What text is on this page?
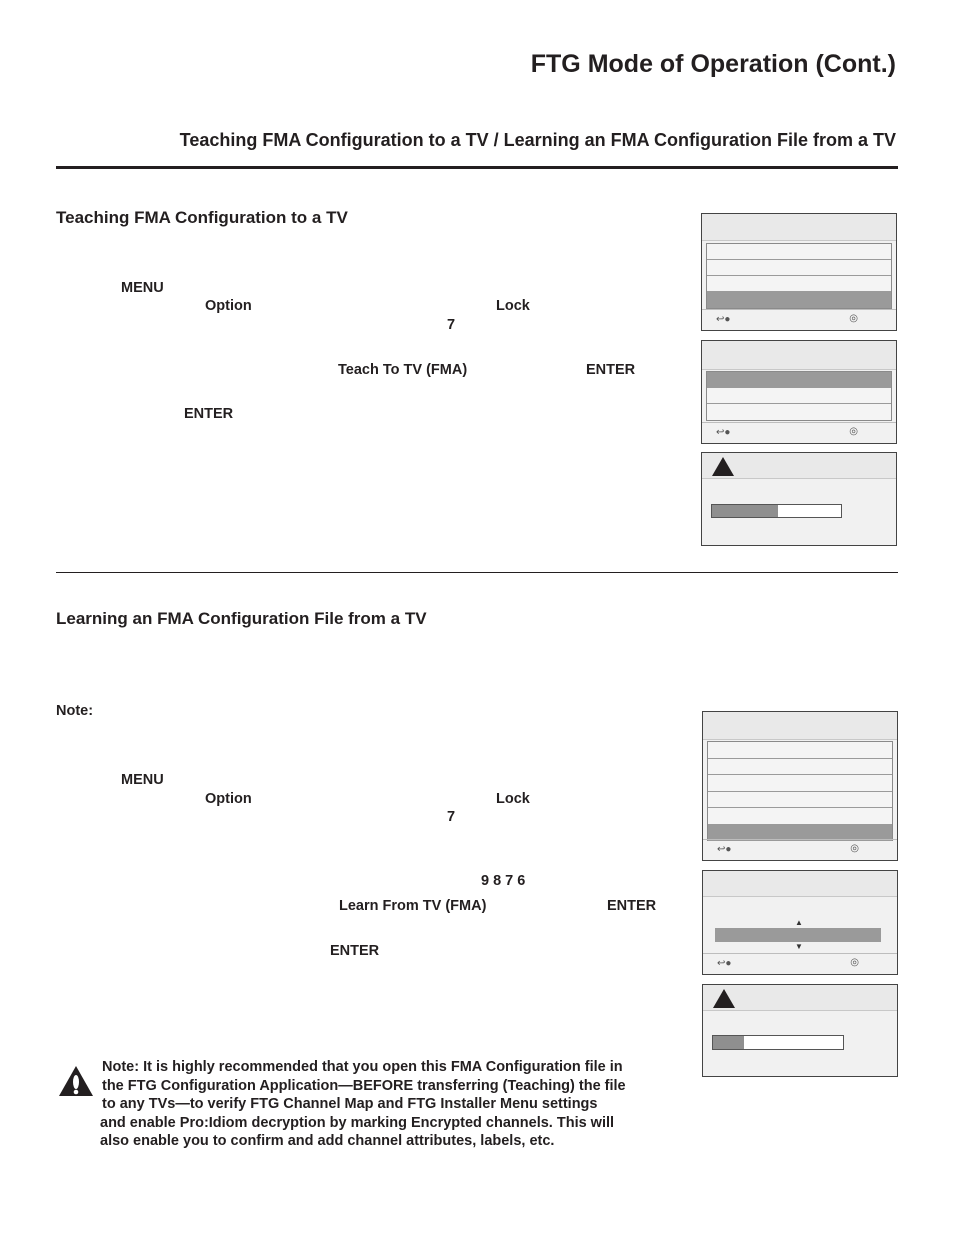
FTG Mode of Operation (Cont.)
Teaching FMA Configuration to a TV / Learning an FMA Configuration File from a TV
Teaching FMA Configuration to a TV
MENU
Option	Lock
7
Teach To TV (FMA)	ENTER
ENTER
↩●	◎
↩●	◎
Learning an FMA Configuration File from a TV
Note:
MENU
Option	Lock
7
9 8 7 6
Learn From TV (FMA)	ENTER
ENTER
↩●	◎
▲
▼
↩●	◎
Note: It is highly recommended that you open this FMA Configuration file in
the FTG Configuration Application—BEFORE transferring (Teaching) the file
to any TVs—to verify FTG Channel Map and FTG Installer Menu settings
and enable Pro:Idiom decryption by marking Encrypted channels. This will
also enable you to confirm and add channel attributes, labels, etc.
